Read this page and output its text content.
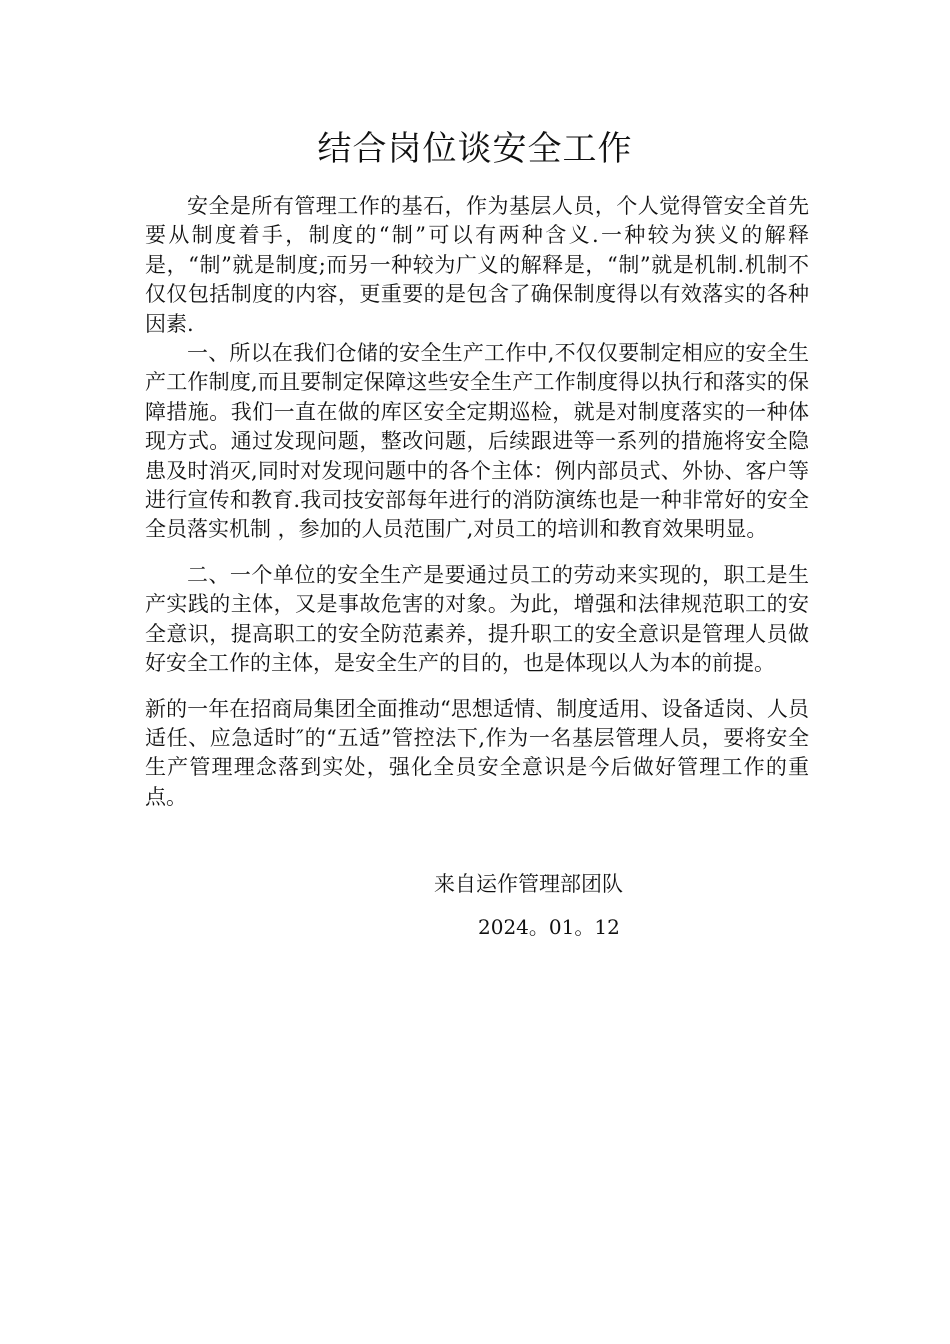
结合岗位谈安全工作

安全是所有管理工作的基石，作为基层人员，个人觉得管安全首先要从制度着手，制度的“制”可以有两种含义.一种较为狭义的解释是，“制”就是制度;而另一种较为广义的解释是，“制”就是机制.机制不仅仅包括制度的内容，更重要的是包含了确保制度得以有效落实的各种因素.

一、所以在我们仓储的安全生产工作中,不仅仅要制定相应的安全生产工作制度,而且要制定保障这些安全生产工作制度得以执行和落实的保障措施。我们一直在做的库区安全定期巡检，就是对制度落实的一种体现方式。通过发现问题，整改问题，后续跟进等一系列的措施将安全隐患及时消灭,同时对发现问题中的各个主体：例内部员式、外协、客户等进行宣传和教育.我司技安部每年进行的消防演练也是一种非常好的安全全员落实机制 ，参加的人员范围广,对员工的培训和教育效果明显。

二、一个单位的安全生产是要通过员工的劳动来实现的，职工是生产实践的主体，又是事故危害的对象。为此，增强和法律规范职工的安全意识，提高职工的安全防范素养，提升职工的安全意识是管理人员做好安全工作的主体，是安全生产的目的，也是体现以人为本的前提。

新的一年在招商局集团全面推动“思想适情、制度适用、设备适岗、人员适任、应急适时″的“五适”管控法下,作为一名基层管理人员，要将安全生产管理理念落到实处，强化全员安全意识是今后做好管理工作的重点。

来自运作管理部团队

2024。01。12
